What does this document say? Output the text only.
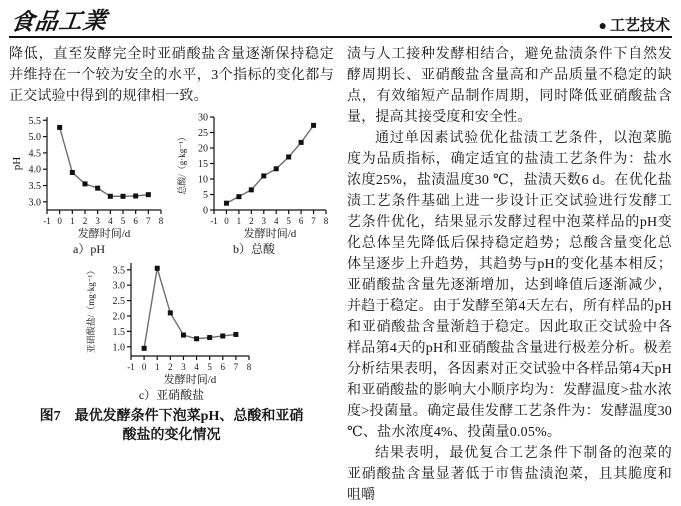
食品工業	● 工艺技术

降低，直至发酵完全时亚硝酸盐含量逐渐保持稳定并维持在一个较为安全的水平，3个指标的变化都与正交试验中得到的规律相一致。

3.0
3.5
4.0
4.5
5.0
5.5
-1 0 1 2 3 4 5 6 7 8
发酵时间/d
pH
a）pH
0
5
10
15
20
25
30
-1 0 1 2 3 4 5 6 7 8
发酵时间/d
总酸/（g·kg⁻¹）
b）总酸
1.0
1.5
2.0
2.5
3.0
3.5
-1 0 1 2 3 4 5 6 7 8
发酵时间/d
亚硝酸盐/（mg·kg⁻¹）
c）亚硝酸盐
图7　最优发酵条件下泡菜pH、总酸和亚硝酸盐的变化情况

渍与人工接种发酵相结合，避免盐渍条件下自然发酵周期长、亚硝酸盐含量高和产品质量不稳定的缺点，有效缩短产品制作周期，同时降低亚硝酸盐含量，提高其接受度和安全性。

通过单因素试验优化盐渍工艺条件，以泡菜脆度为品质指标，确定适宜的盐渍工艺条件为：盐水浓度25%，盐渍温度30 ℃，盐渍天数6 d。在优化盐渍工艺条件基础上进一步设计正交试验进行发酵工艺条件优化，结果显示发酵过程中泡菜样品的pH变化总体呈先降低后保持稳定趋势；总酸含量变化总体呈逐步上升趋势，其趋势与pH的变化基本相反；亚硝酸盐含量先逐渐增加，达到峰值后逐渐减少，并趋于稳定。由于发酵至第4天左右，所有样品的pH和亚硝酸盐含量渐趋于稳定。因此取正交试验中各样品第4天的pH和亚硝酸盐含量进行极差分析。极差分析结果表明，各因素对正交试验中各样品第4天pH和亚硝酸盐的影响大小顺序均为：发酵温度>盐水浓度>投菌量。确定最佳发酵工艺条件为：发酵温度30 ℃、盐水浓度4%、投菌量0.05%。

结果表明，最优复合工艺条件下制备的泡菜的亚硝酸盐含量显著低于市售盐渍泡菜，且其脆度和咀嚼
